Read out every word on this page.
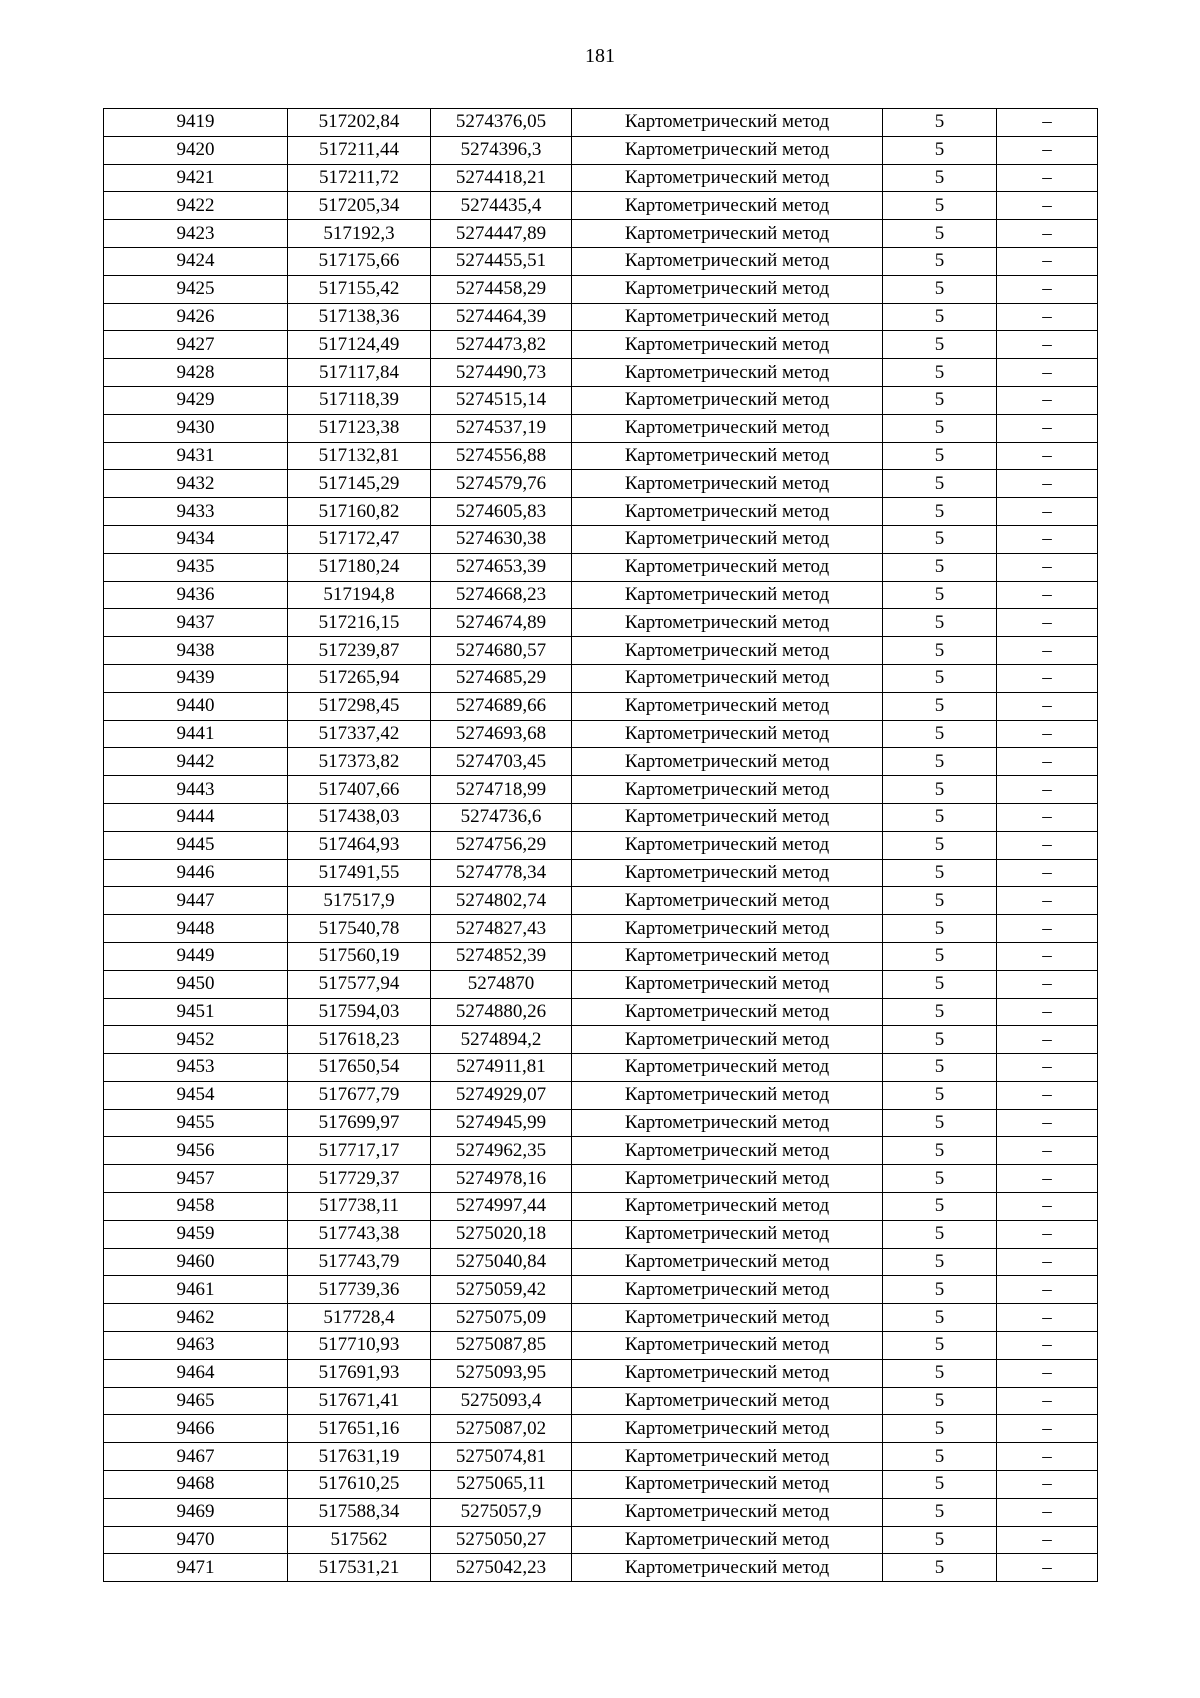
181
9419	517202,84	5274376,05	Картометрический метод	5	–
9420	517211,44	5274396,3	Картометрический метод	5	–
9421	517211,72	5274418,21	Картометрический метод	5	–
9422	517205,34	5274435,4	Картометрический метод	5	–
9423	517192,3	5274447,89	Картометрический метод	5	–
9424	517175,66	5274455,51	Картометрический метод	5	–
9425	517155,42	5274458,29	Картометрический метод	5	–
9426	517138,36	5274464,39	Картометрический метод	5	–
9427	517124,49	5274473,82	Картометрический метод	5	–
9428	517117,84	5274490,73	Картометрический метод	5	–
9429	517118,39	5274515,14	Картометрический метод	5	–
9430	517123,38	5274537,19	Картометрический метод	5	–
9431	517132,81	5274556,88	Картометрический метод	5	–
9432	517145,29	5274579,76	Картометрический метод	5	–
9433	517160,82	5274605,83	Картометрический метод	5	–
9434	517172,47	5274630,38	Картометрический метод	5	–
9435	517180,24	5274653,39	Картометрический метод	5	–
9436	517194,8	5274668,23	Картометрический метод	5	–
9437	517216,15	5274674,89	Картометрический метод	5	–
9438	517239,87	5274680,57	Картометрический метод	5	–
9439	517265,94	5274685,29	Картометрический метод	5	–
9440	517298,45	5274689,66	Картометрический метод	5	–
9441	517337,42	5274693,68	Картометрический метод	5	–
9442	517373,82	5274703,45	Картометрический метод	5	–
9443	517407,66	5274718,99	Картометрический метод	5	–
9444	517438,03	5274736,6	Картометрический метод	5	–
9445	517464,93	5274756,29	Картометрический метод	5	–
9446	517491,55	5274778,34	Картометрический метод	5	–
9447	517517,9	5274802,74	Картометрический метод	5	–
9448	517540,78	5274827,43	Картометрический метод	5	–
9449	517560,19	5274852,39	Картометрический метод	5	–
9450	517577,94	5274870	Картометрический метод	5	–
9451	517594,03	5274880,26	Картометрический метод	5	–
9452	517618,23	5274894,2	Картометрический метод	5	–
9453	517650,54	5274911,81	Картометрический метод	5	–
9454	517677,79	5274929,07	Картометрический метод	5	–
9455	517699,97	5274945,99	Картометрический метод	5	–
9456	517717,17	5274962,35	Картометрический метод	5	–
9457	517729,37	5274978,16	Картометрический метод	5	–
9458	517738,11	5274997,44	Картометрический метод	5	–
9459	517743,38	5275020,18	Картометрический метод	5	–
9460	517743,79	5275040,84	Картометрический метод	5	–
9461	517739,36	5275059,42	Картометрический метод	5	–
9462	517728,4	5275075,09	Картометрический метод	5	–
9463	517710,93	5275087,85	Картометрический метод	5	–
9464	517691,93	5275093,95	Картометрический метод	5	–
9465	517671,41	5275093,4	Картометрический метод	5	–
9466	517651,16	5275087,02	Картометрический метод	5	–
9467	517631,19	5275074,81	Картометрический метод	5	–
9468	517610,25	5275065,11	Картометрический метод	5	–
9469	517588,34	5275057,9	Картометрический метод	5	–
9470	517562	5275050,27	Картометрический метод	5	–
9471	517531,21	5275042,23	Картометрический метод	5	–
